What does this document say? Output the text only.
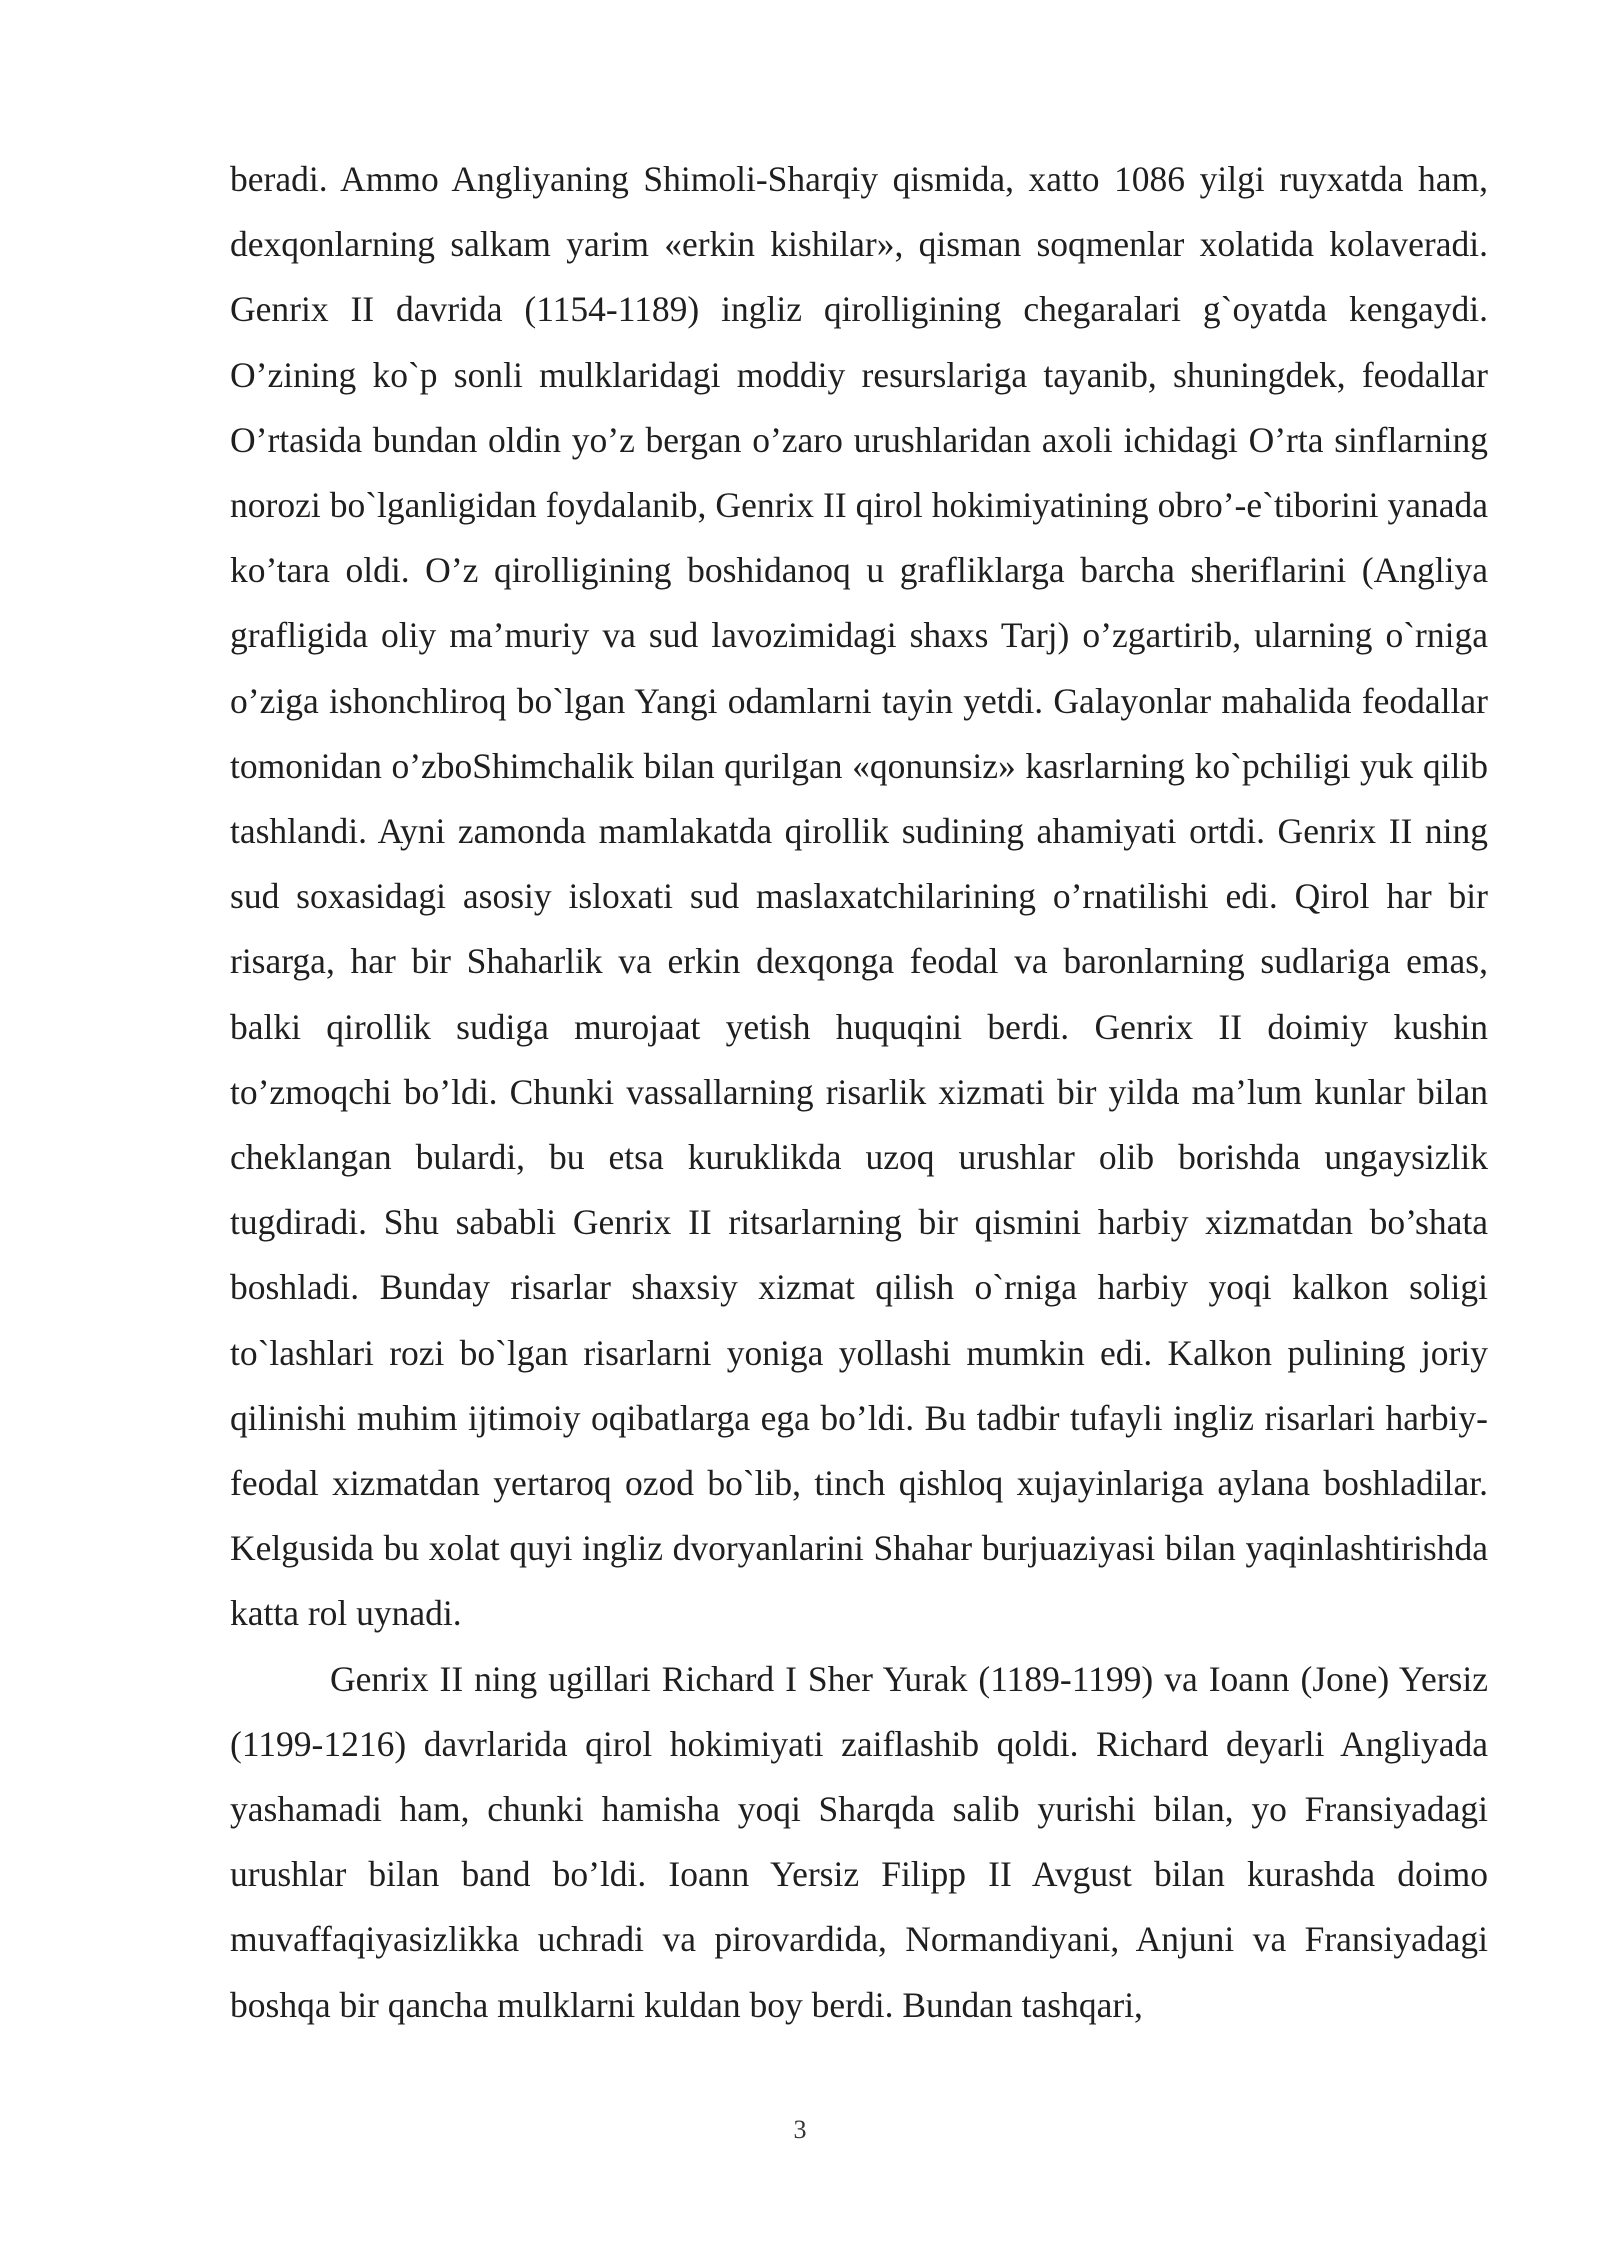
beradi. Ammo Angliyaning Shimoli-Sharqiy qismida, xatto 1086 yilgi ruyxatda ham, dexqonlarning salkam yarim «erkin kishilar», qisman soqmenlar xolatida kolaveradi. Genrix II davrida (1154-1189) ingliz qirolligining chegaralari g`oyatda kengaydi. O’zining ko`p sonli mulklaridagi moddiy resurslariga tayanib, shuningdek, feodallar O’rtasida bundan oldin yo’z bergan o’zaro urushlaridan axoli ichidagi O’rta sinflarning norozi bo`lganligidan foydalanib, Genrix II qirol hokimiyatining obro’-e`tiborini yanada ko’tara oldi. O’z qirolligining boshidanoq u grafliklarga barcha sheriflarini (Angliya grafligida oliy ma’muriy va sud lavozimidagi shaxs Tarj) o’zgartirib, ularning o`rniga o’ziga ishonchliroq bo`lgan Yangi odamlarni tayin yetdi. Galayonlar mahalida feodallar tomonidan o’zboShimchalik bilan qurilgan «qonunsiz» kasrlarning ko`pchiligi yuk qilib tashlandi. Ayni zamonda mamlakatda qirollik sudining ahamiyati ortdi. Genrix II ning sud soxasidagi asosiy isloxati sud maslaxatchilarining o’rnatilishi edi. Qirol har bir risarga, har bir Shaharlik va erkin dexqonga feodal va baronlarning sudlariga emas, balki qirollik sudiga murojaat yetish huquqini berdi. Genrix II doimiy kushin to’zmoqchi bo’ldi. Chunki vassallarning risarlik xizmati bir yilda ma’lum kunlar bilan cheklangan bulardi, bu etsa kuruklikda uzoq urushlar olib borishda ungaysizlik tugdiradi. Shu sababli Genrix II ritsarlarning bir qismini harbiy xizmatdan bo’shata boshladi. Bunday risarlar shaxsiy xizmat qilish o`rniga harbiy yoqi kalkon soligi to`lashlari rozi bo`lgan risarlarni yoniga yollashi mumkin edi. Kalkon pulining joriy qilinishi muhim ijtimoiy oqibatlarga ega bo’ldi. Bu tadbir tufayli ingliz risarlari harbiy-feodal xizmatdan yertaroq ozod bo`lib, tinch qishloq xujayinlariga aylana boshladilar. Kelgusida bu xolat quyi ingliz dvoryanlarini Shahar burjuaziyasi bilan yaqinlashtirishda katta rol uynadi.

Genrix II ning ugillari Richard I Sher Yurak (1189-1199) va Ioann (Jone) Yersiz (1199-1216) davrlarida qirol hokimiyati zaiflashib qoldi. Richard deyarli Angliyada yashamadi ham, chunki hamisha yoqi Sharqda salib yurishi bilan, yo Fransiyadagi urushlar bilan band bo’ldi. Ioann Yersiz Filipp II Avgust bilan kurashda doimo muvaffaqiyasizlikka uchradi va pirovardida, Normandiyani, Anjuni va Fransiyadagi boshqa bir qancha mulklarni kuldan boy berdi. Bundan tashqari,

3
